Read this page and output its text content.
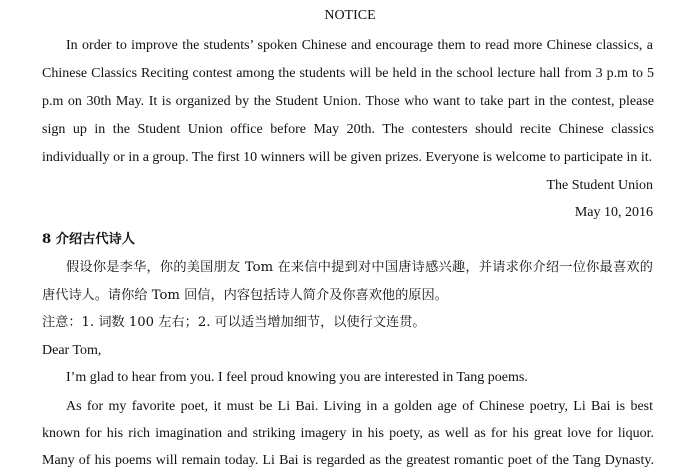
NOTICE
In order to improve the students’ spoken Chinese and encourage them to read more Chinese classics, a
Chinese Classics Reciting contest among the students will be held in the school lecture hall from 3 p.m to 5
p.m on 30th May. It is organized by the Student Union. Those who want to take part in the contest, please
sign up in the Student Union office before May 20th. The contesters should recite Chinese classics
individually or in a group. The first 10 winners will be given prizes. Everyone is welcome to participate in it.
The Student Union
May 10, 2016
8 介绍古代诗人
假设你是李华，你的美国朋友 Tom 在来信中提到对中国唐诗感兴趣，并请求你介绍一位你最喜欢的
唐代诗人。请你给 Tom 回信，内容包括诗人简介及你喜欢他的原因。
注意：1. 词数 100 左右；2. 可以适当增加细节，以使行文连贯。
Dear Tom,
I’m glad to hear from you. I feel proud knowing you are interested in Tang poems.
As for my favorite poet, it must be Li Bai. Living in a golden age of Chinese poetry, Li Bai is best
known for his rich imagination and striking imagery in his poety, as well as for his great love for liquor.
Many of his poems will remain today. Li Bai is regarded as the greatest romantic poet of the Tang Dynasty.
